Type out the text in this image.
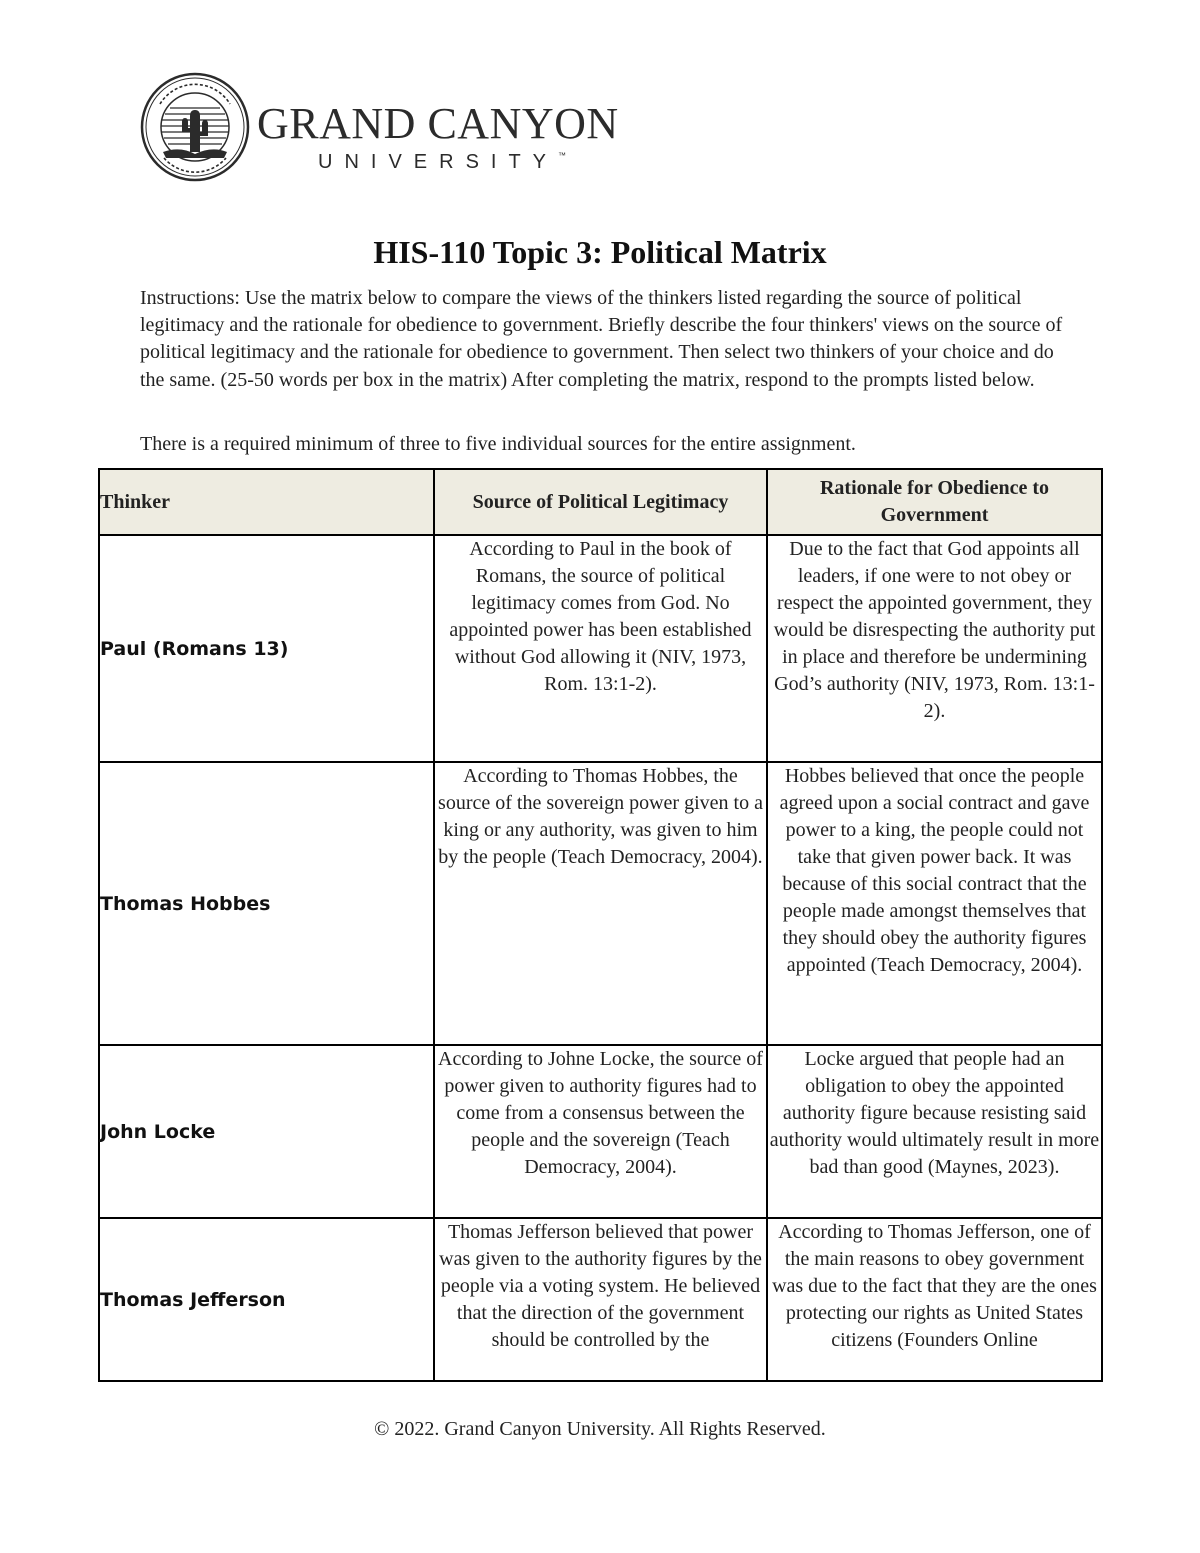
GRAND CANYON
UNIVERSITY™
HIS-110 Topic 3: Political Matrix

Instructions: Use the matrix below to compare the views of the thinkers listed regarding the source of political legitimacy and the rationale for obedience to government. Briefly describe the four thinkers' views on the source of political legitimacy and the rationale for obedience to government. Then select two thinkers of your choice and do the same. (25-50 words per box in the matrix) After completing the matrix, respond to the prompts listed below.

There is a required minimum of three to five individual sources for the entire assignment.

Thinker	Source of Political Legitimacy	Rationale for Obedience to Government
Paul (Romans 13)	According to Paul in the book of Romans, the source of political legitimacy comes from God. No appointed power has been established without God allowing it (NIV, 1973, Rom. 13:1-2).	Due to the fact that God appoints all leaders, if one were to not obey or respect the appointed government, they would be disrespecting the authority put in place and therefore be undermining God’s authority (NIV, 1973, Rom. 13:1-2).
Thomas Hobbes	According to Thomas Hobbes, the source of the sovereign power given to a king or any authority, was given to him by the people (Teach Democracy, 2004).	Hobbes believed that once the people agreed upon a social contract and gave power to a king, the people could not take that given power back. It was because of this social contract that the people made amongst themselves that they should obey the authority figures appointed (Teach Democracy, 2004).
John Locke	According to Johne Locke, the source of power given to authority figures had to come from a consensus between the people and the sovereign (Teach Democracy, 2004).	Locke argued that people had an obligation to obey the appointed authority figure because resisting said authority would ultimately result in more bad than good (Maynes, 2023).
Thomas Jefferson	Thomas Jefferson believed that power was given to the authority figures by the people via a voting system. He believed that the direction of the government should be controlled by the	According to Thomas Jefferson, one of the main reasons to obey government was due to the fact that they are the ones protecting our rights as United States citizens (Founders Online

© 2022. Grand Canyon University. All Rights Reserved.
